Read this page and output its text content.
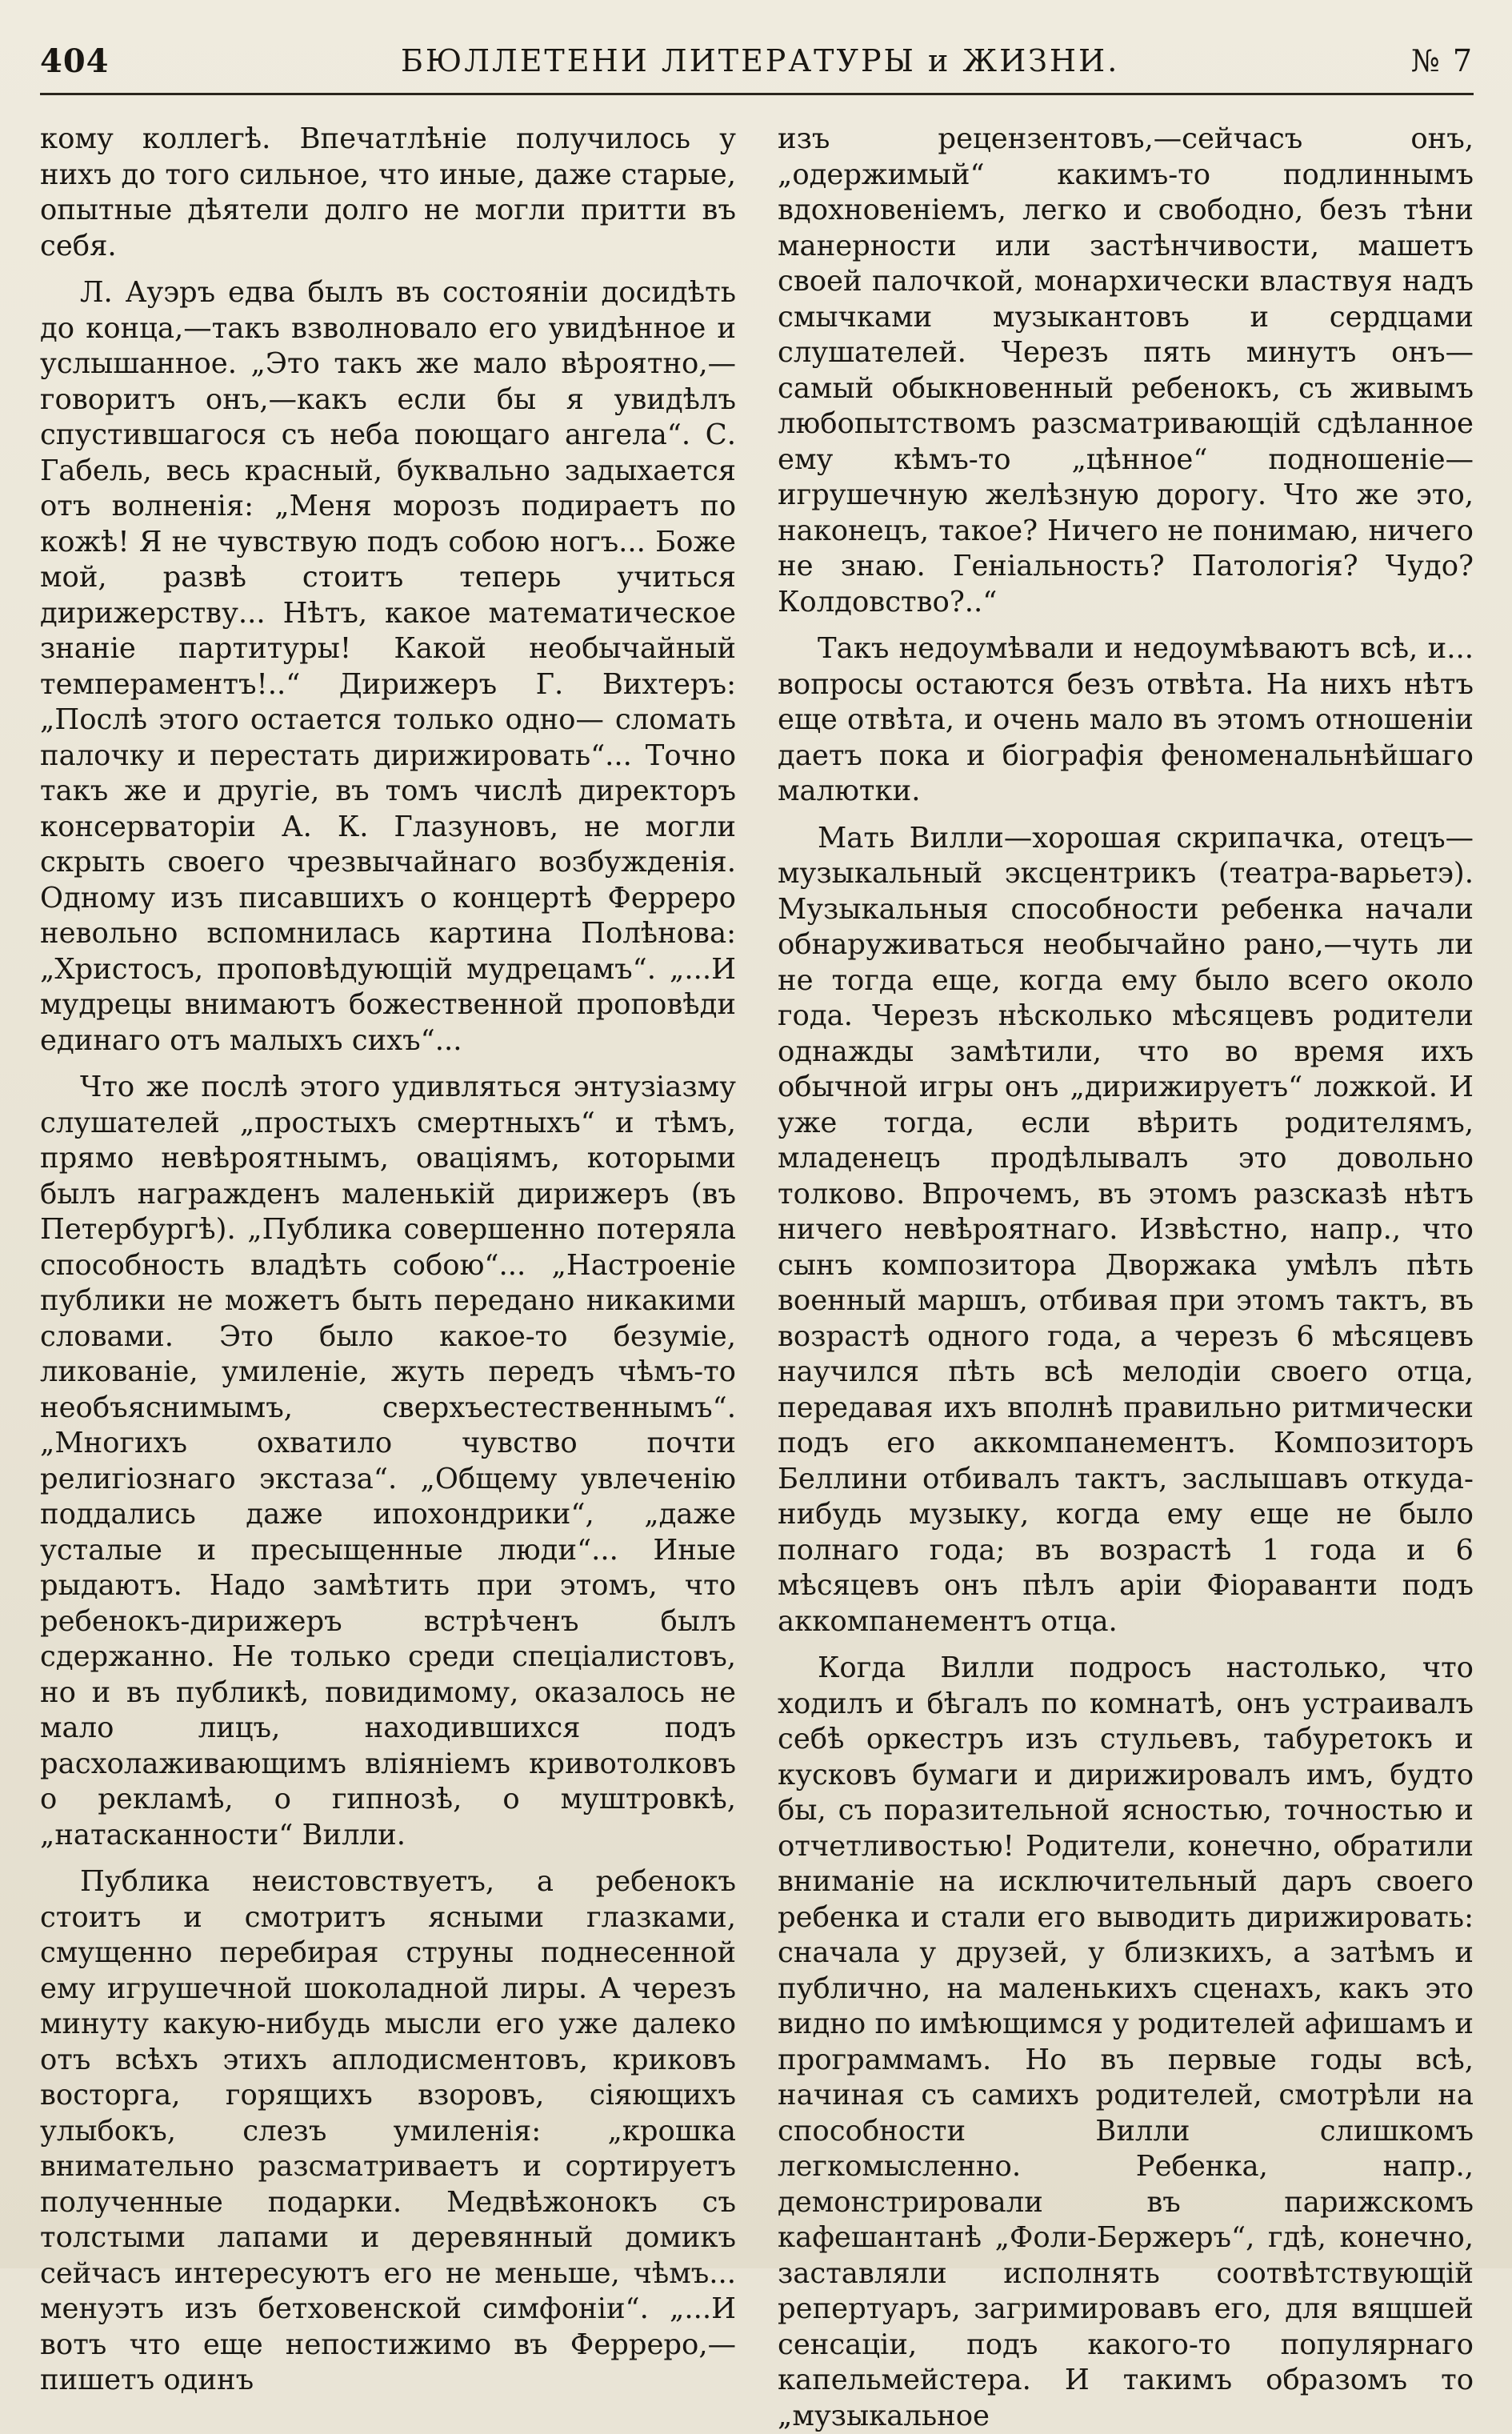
404	БЮЛЛЕТЕНИ ЛИТЕРАТУРЫ и ЖИЗНИ.	№ 7

кому коллегѣ. Впечатлѣніе получилось у нихъ до того сильное, что иные, даже старые, опытные дѣятели долго не могли притти въ себя.

Л. Ауэръ едва былъ въ состояніи досидѣть до конца,—такъ взволновало его увидѣнное и услышанное. „Это такъ же мало вѣроятно,— говоритъ онъ,—какъ если бы я увидѣлъ спустившагося съ неба поющаго ангела“. С. Габель, весь красный, буквально задыхается отъ волненія: „Меня морозъ подираетъ по кожѣ! Я не чувствую подъ собою ногъ... Боже мой, развѣ стоитъ теперь учиться дирижерству... Нѣтъ, какое математическое знаніе партитуры! Какой необычайный темпераментъ!..“ Дирижеръ Г. Вихтеръ: „Послѣ этого остается только одно— сломать палочку и перестать дирижировать“... Точно такъ же и другіе, въ томъ числѣ директоръ консерваторіи А. К. Глазуновъ, не могли скрыть своего чрезвычайнаго возбужденія. Одному изъ писавшихъ о концертѣ Ферреро невольно вспомнилась картина Полѣнова: „Христосъ, проповѣдующій мудрецамъ“. „...И мудрецы внимаютъ божественной проповѣди единаго отъ малыхъ сихъ“...

Что же послѣ этого удивляться энтузіазму слушателей „простыхъ смертныхъ“ и тѣмъ, прямо невѣроятнымъ, оваціямъ, которыми былъ награжденъ маленькій дирижеръ (въ Петербургѣ). „Публика совершенно потеряла способность владѣть собою“... „Настроеніе публики не можетъ быть передано никакими словами. Это было какое-то безуміе, ликованіе, умиленіе, жуть передъ чѣмъ-то необъяснимымъ, сверхъестественнымъ“. „Многихъ охватило чувство почти религіознаго экстаза“. „Общему увлеченію поддались даже ипохондрики“, „даже усталые и пресыщенные люди“... Иные рыдаютъ. Надо замѣтить при этомъ, что ребенокъ-дирижеръ встрѣченъ былъ сдержанно. Не только среди спеціалистовъ, но и въ публикѣ, повидимому, оказалось не мало лицъ, находившихся подъ расхолаживающимъ вліяніемъ кривотолковъ о рекламѣ, о гипнозѣ, о муштровкѣ, „натасканности“ Вилли.

Публика неистовствуетъ, а ребенокъ стоитъ и смотритъ ясными глазками, смущенно перебирая струны поднесенной ему игрушечной шоколадной лиры. А черезъ минуту какую-нибудь мысли его уже далеко отъ всѣхъ этихъ аплодисментовъ, криковъ восторга, горящихъ взоровъ, сіяющихъ улыбокъ, слезъ умиленія: „крошка внимательно разсматриваетъ и сортируетъ полученные подарки. Медвѣжонокъ съ толстыми лапами и деревянный домикъ сейчасъ интересуютъ его не меньше, чѣмъ... менуэтъ изъ бетховенской симфоніи“. „...И вотъ что еще непостижимо въ Ферреро,—пишетъ одинъ

изъ рецензентовъ,—сейчасъ онъ, „одержимый“ какимъ-то подлиннымъ вдохновеніемъ, легко и свободно, безъ тѣни манерности или застѣнчивости, машетъ своей палочкой, монархически властвуя надъ смычками музыкантовъ и сердцами слушателей. Черезъ пять минутъ онъ— самый обыкновенный ребенокъ, съ живымъ любопытствомъ разсматривающій сдѣланное ему кѣмъ-то „цѣнное“ подношеніе—игрушечную желѣзную дорогу. Что же это, наконецъ, такое? Ничего не понимаю, ничего не знаю. Геніальность? Патологія? Чудо? Колдовство?..“

Такъ недоумѣвали и недоумѣваютъ всѣ, и... вопросы остаются безъ отвѣта. На нихъ нѣтъ еще отвѣта, и очень мало въ этомъ отношеніи даетъ пока и біографія феноменальнѣйшаго малютки.

Мать Вилли—хорошая скрипачка, отецъ— музыкальный эксцентрикъ (театра-варьетэ). Музыкальныя способности ребенка начали обнаруживаться необычайно рано,—чуть ли не тогда еще, когда ему было всего около года. Черезъ нѣсколько мѣсяцевъ родители однажды замѣтили, что во время ихъ обычной игры онъ „дирижируетъ“ ложкой. И уже тогда, если вѣрить родителямъ, младенецъ продѣлывалъ это довольно толково. Впрочемъ, въ этомъ разсказѣ нѣтъ ничего невѣроятнаго. Извѣстно, напр., что сынъ композитора Дворжака умѣлъ пѣть военный маршъ, отбивая при этомъ тактъ, въ возрастѣ одного года, а черезъ 6 мѣсяцевъ научился пѣть всѣ мелодіи своего отца, передавая ихъ вполнѣ правильно ритмически подъ его аккомпанементъ. Композиторъ Беллини отбивалъ тактъ, заслышавъ откуда-нибудь музыку, когда ему еще не было полнаго года; въ возрастѣ 1 года и 6 мѣсяцевъ онъ пѣлъ аріи Фіораванти подъ аккомпанементъ отца.

Когда Вилли подросъ настолько, что ходилъ и бѣгалъ по комнатѣ, онъ устраивалъ себѣ оркестръ изъ стульевъ, табуретокъ и кусковъ бумаги и дирижировалъ имъ, будто бы, съ поразительной ясностью, точностью и отчетливостью! Родители, конечно, обратили вниманіе на исключительный даръ своего ребенка и стали его выводить дирижировать: сначала у друзей, у близкихъ, а затѣмъ и публично, на маленькихъ сценахъ, какъ это видно по имѣющимся у родителей афишамъ и программамъ. Но въ первые годы всѣ, начиная съ самихъ родителей, смотрѣли на способности Вилли слишкомъ легкомысленно. Ребенка, напр., демонстрировали въ парижскомъ кафешантанѣ „Фоли-Бержеръ“, гдѣ, конечно, заставляли исполнять соотвѣтствующій репертуаръ, загримировавъ его, для вящшей сенсаціи, подъ какого-то популярнаго капельмейстера. И такимъ образомъ то „музыкальное
